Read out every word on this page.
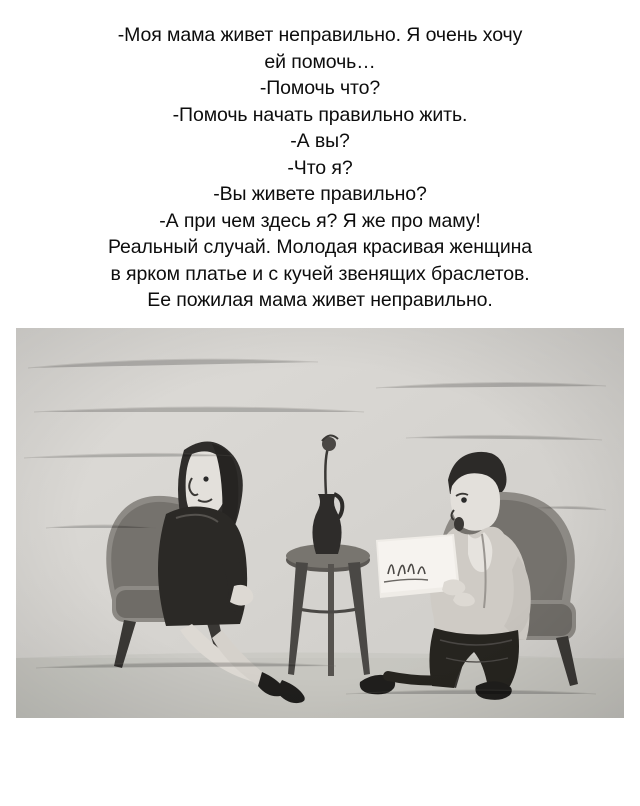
-Моя мама живет неправильно. Я очень хочу
ей помочь…
-Помочь что?
-Помочь начать правильно жить.
-А вы?
-Что я?
-Вы живете правильно?
-А при чем здесь я? Я же про маму!
Реальный случай. Молодая красивая женщина
в ярком платье и с кучей звенящих браслетов.
Ее пожилая мама живет неправильно.
